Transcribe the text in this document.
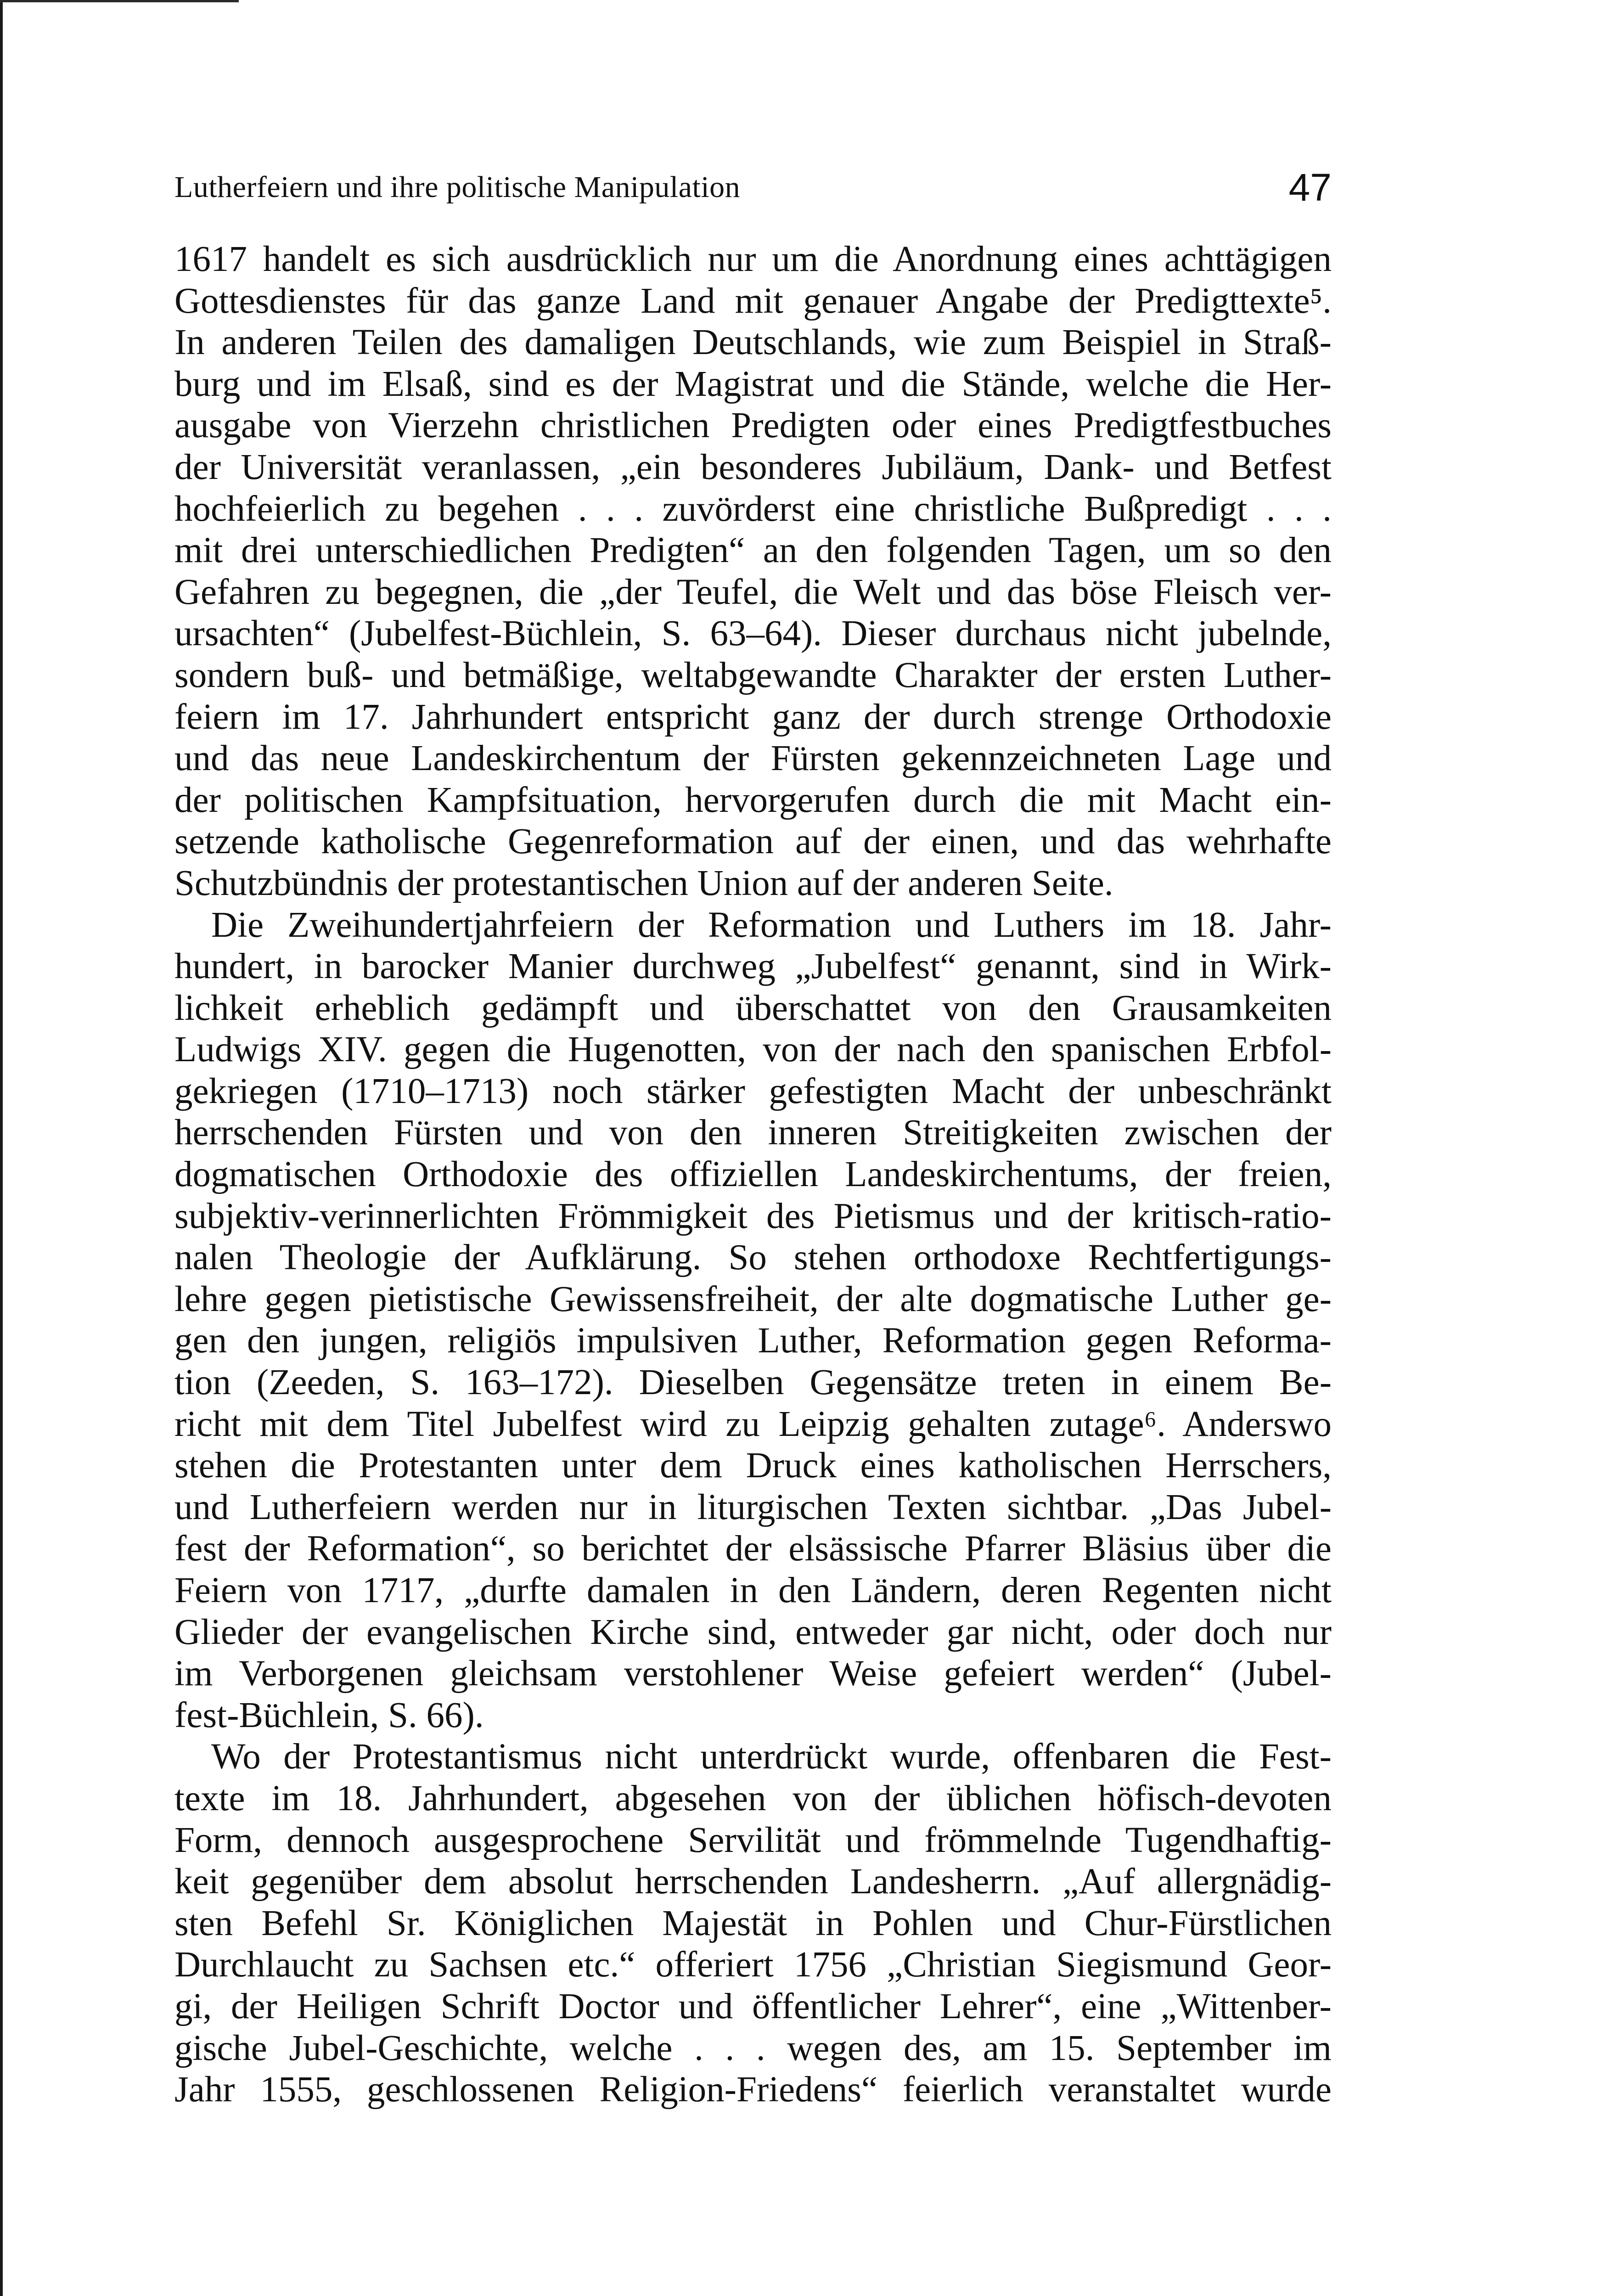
Lutherfeiern und ihre politische Manipulation	47
1617 handelt es sich ausdrücklich nur um die Anordnung eines achttägigen
Gottesdienstes für das ganze Land mit genauer Angabe der Predigttexte⁵.
In anderen Teilen des damaligen Deutschlands, wie zum Beispiel in Straß-
burg und im Elsaß, sind es der Magistrat und die Stände, welche die Her-
ausgabe von Vierzehn christlichen Predigten oder eines Predigtfestbuches
der Universität veranlassen, „ein besonderes Jubiläum, Dank- und Betfest
hochfeierlich zu begehen . . . zuvörderst eine christliche Bußpredigt . . .
mit drei unterschiedlichen Predigten“ an den folgenden Tagen, um so den
Gefahren zu begegnen, die „der Teufel, die Welt und das böse Fleisch ver-
ursachten“ (Jubelfest-Büchlein, S. 63–64). Dieser durchaus nicht jubelnde,
sondern buß- und betmäßige, weltabgewandte Charakter der ersten Luther-
feiern im 17. Jahrhundert entspricht ganz der durch strenge Orthodoxie
und das neue Landeskirchentum der Fürsten gekennzeichneten Lage und
der politischen Kampfsituation, hervorgerufen durch die mit Macht ein-
setzende katholische Gegenreformation auf der einen, und das wehrhafte
Schutzbündnis der protestantischen Union auf der anderen Seite.
Die Zweihundertjahrfeiern der Reformation und Luthers im 18. Jahr-
hundert, in barocker Manier durchweg „Jubelfest“ genannt, sind in Wirk-
lichkeit erheblich gedämpft und überschattet von den Grausamkeiten
Ludwigs XIV. gegen die Hugenotten, von der nach den spanischen Erbfol-
gekriegen (1710–1713) noch stärker gefestigten Macht der unbeschränkt
herrschenden Fürsten und von den inneren Streitigkeiten zwischen der
dogmatischen Orthodoxie des offiziellen Landeskirchentums, der freien,
subjektiv-verinnerlichten Frömmigkeit des Pietismus und der kritisch-ratio-
nalen Theologie der Aufklärung. So stehen orthodoxe Rechtfertigungs-
lehre gegen pietistische Gewissensfreiheit, der alte dogmatische Luther ge-
gen den jungen, religiös impulsiven Luther, Reformation gegen Reforma-
tion (Zeeden, S. 163–172). Dieselben Gegensätze treten in einem Be-
richt mit dem Titel Jubelfest wird zu Leipzig gehalten zutage⁶. Anderswo
stehen die Protestanten unter dem Druck eines katholischen Herrschers,
und Lutherfeiern werden nur in liturgischen Texten sichtbar. „Das Jubel-
fest der Reformation“, so berichtet der elsässische Pfarrer Bläsius über die
Feiern von 1717, „durfte damalen in den Ländern, deren Regenten nicht
Glieder der evangelischen Kirche sind, entweder gar nicht, oder doch nur
im Verborgenen gleichsam verstohlener Weise gefeiert werden“ (Jubel-
fest-Büchlein, S. 66).
Wo der Protestantismus nicht unterdrückt wurde, offenbaren die Fest-
texte im 18. Jahrhundert, abgesehen von der üblichen höfisch-devoten
Form, dennoch ausgesprochene Servilität und frömmelnde Tugendhaftig-
keit gegenüber dem absolut herrschenden Landesherrn. „Auf allergnädig-
sten Befehl Sr. Königlichen Majestät in Pohlen und Chur-Fürstlichen
Durchlaucht zu Sachsen etc.“ offeriert 1756 „Christian Siegismund Geor-
gi, der Heiligen Schrift Doctor und öffentlicher Lehrer“, eine „Wittenber-
gische Jubel-Geschichte, welche . . . wegen des, am 15. September im
Jahr 1555, geschlossenen Religion-Friedens“ feierlich veranstaltet wurde
